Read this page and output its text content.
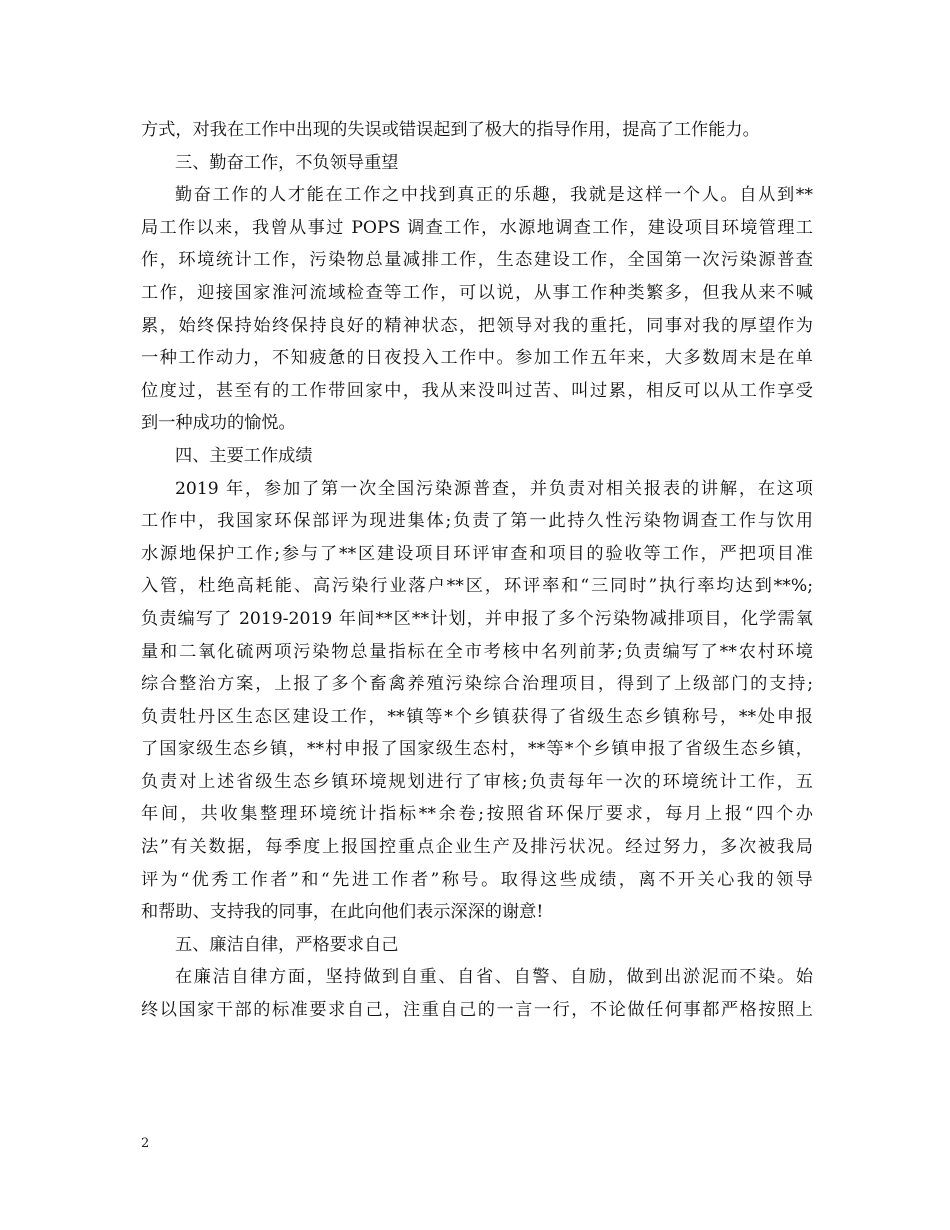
方式，对我在工作中出现的失误或错误起到了极大的指导作用，提高了工作能力。
三、勤奋工作，不负领导重望
勤奋工作的人才能在工作之中找到真正的乐趣，我就是这样一个人。自从到**
局工作以来，我曾从事过 POPS 调查工作，水源地调查工作，建设项目环境管理工
作，环境统计工作，污染物总量减排工作，生态建设工作，全国第一次污染源普查
工作，迎接国家淮河流域检查等工作，可以说，从事工作种类繁多，但我从来不喊
累，始终保持始终保持良好的精神状态，把领导对我的重托，同事对我的厚望作为
一种工作动力，不知疲惫的日夜投入工作中。参加工作五年来，大多数周末是在单
位度过，甚至有的工作带回家中，我从来没叫过苦、叫过累，相反可以从工作享受
到一种成功的愉悦。
四、主要工作成绩
2019 年，参加了第一次全国污染源普查，并负责对相关报表的讲解，在这项
工作中，我国家环保部评为现进集体;负责了第一此持久性污染物调查工作与饮用
水源地保护工作;参与了**区建设项目环评审查和项目的验收等工作，严把项目准
入管，杜绝高耗能、高污染行业落户**区，环评率和“三同时”执行率均达到**%;
负责编写了 2019-2019 年间**区**计划，并申报了多个污染物减排项目，化学需氧
量和二氧化硫两项污染物总量指标在全市考核中名列前茅;负责编写了**农村环境
综合整治方案，上报了多个畜禽养殖污染综合治理项目，得到了上级部门的支持;
负责牡丹区生态区建设工作，**镇等*个乡镇获得了省级生态乡镇称号，**处申报
了国家级生态乡镇，**村申报了国家级生态村，**等*个乡镇申报了省级生态乡镇，
负责对上述省级生态乡镇环境规划进行了审核;负责每年一次的环境统计工作，五
年间，共收集整理环境统计指标**余卷;按照省环保厅要求，每月上报“四个办
法”有关数据，每季度上报国控重点企业生产及排污状况。经过努力，多次被我局
评为“优秀工作者”和“先进工作者”称号。取得这些成绩，离不开关心我的领导
和帮助、支持我的同事，在此向他们表示深深的谢意!
五、廉洁自律，严格要求自己
在廉洁自律方面，坚持做到自重、自省、自警、自励，做到出淤泥而不染。始
终以国家干部的标准要求自己，注重自己的一言一行，不论做任何事都严格按照上
2
